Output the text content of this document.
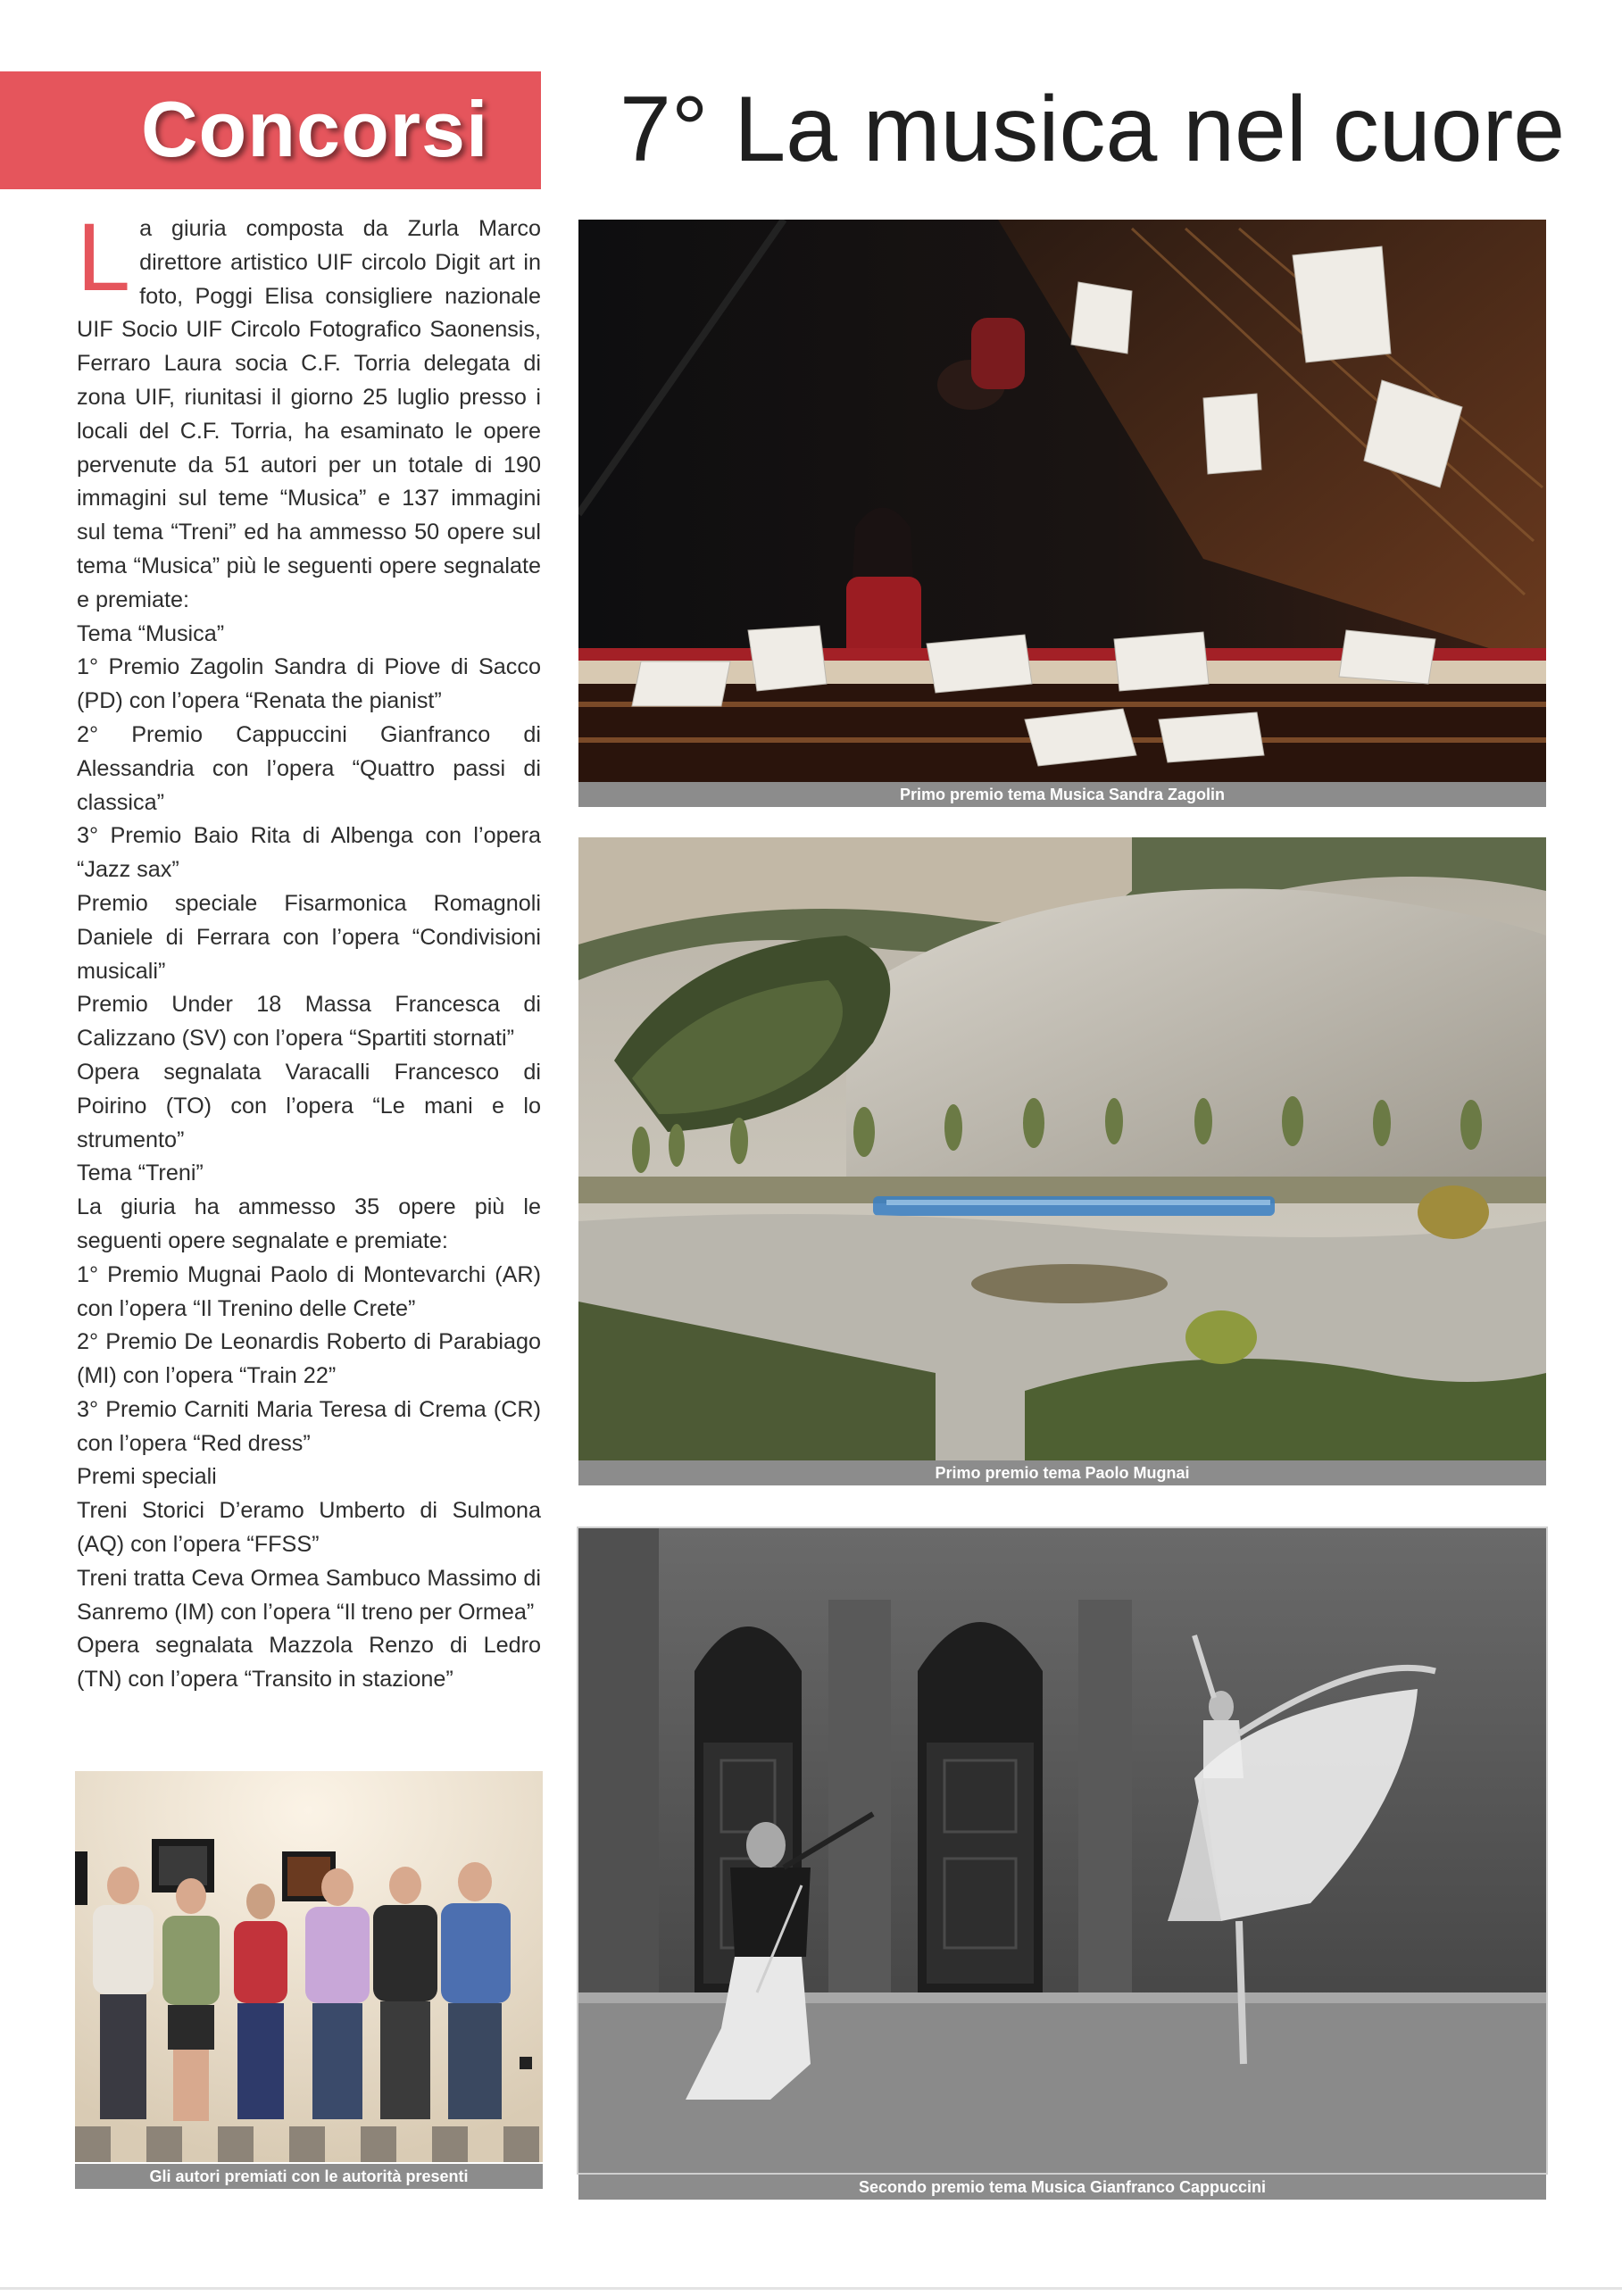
Concorsi 7° La musica nel cuore

La giuria composta da Zurla Marco direttore artistico UIF circolo Digit art in foto, Poggi Elisa consigliere nazionale UIF Socio UIF Circolo Fotografico Saonensis, Ferraro Laura socia C.F. Torria delegata di zona UIF, riunitasi il giorno 25 luglio presso i locali del C.F. Torria, ha esaminato le opere pervenute da 51 autori per un totale di 190 immagini sul teme “Musica” e 137 immagini sul tema “Treni” ed ha ammesso 50 opere sul tema “Musica” più le seguenti opere segnalate e premiate:

Tema “Musica”

1° Premio Zagolin Sandra di Piove di Sacco (PD) con l’opera “Renata the pianist”

2° Premio Cappuccini Gianfranco di Alessandria con l’opera “Quattro passi di classica”

3° Premio Baio Rita di Albenga con l’opera “Jazz sax”

Premio speciale Fisarmonica Romagnoli Daniele di Ferrara con l’opera “Condivisioni musicali”

Premio Under 18 Massa Francesca di Calizzano (SV) con l’opera “Spartiti stornati”

Opera segnalata Varacalli Francesco di Poirino (TO) con l’opera “Le mani e lo strumento”

Tema “Treni”

La giuria ha ammesso 35 opere più le seguenti opere segnalate e premiate:

1° Premio Mugnai Paolo di Montevarchi (AR) con l’opera “Il Trenino delle Crete”

2° Premio De Leonardis Roberto di Parabiago (MI) con l’opera “Train 22”

3° Premio Carniti Maria Teresa di Crema (CR) con l’opera “Red dress”

Premi speciali

Treni Storici D’eramo Umberto di Sulmona (AQ) con l’opera “FFSS”

Treni tratta Ceva Ormea Sambuco Massimo di Sanremo (IM) con l’opera “Il treno per Ormea”

Opera segnalata Mazzola Renzo di Ledro (TN) con l’opera “Transito in stazione”

Primo premio tema Musica Sandra Zagolin
Primo premio tema Paolo Mugnai
Secondo premio tema Musica Gianfranco Cappuccini
Gli autori premiati con le autorità presenti
